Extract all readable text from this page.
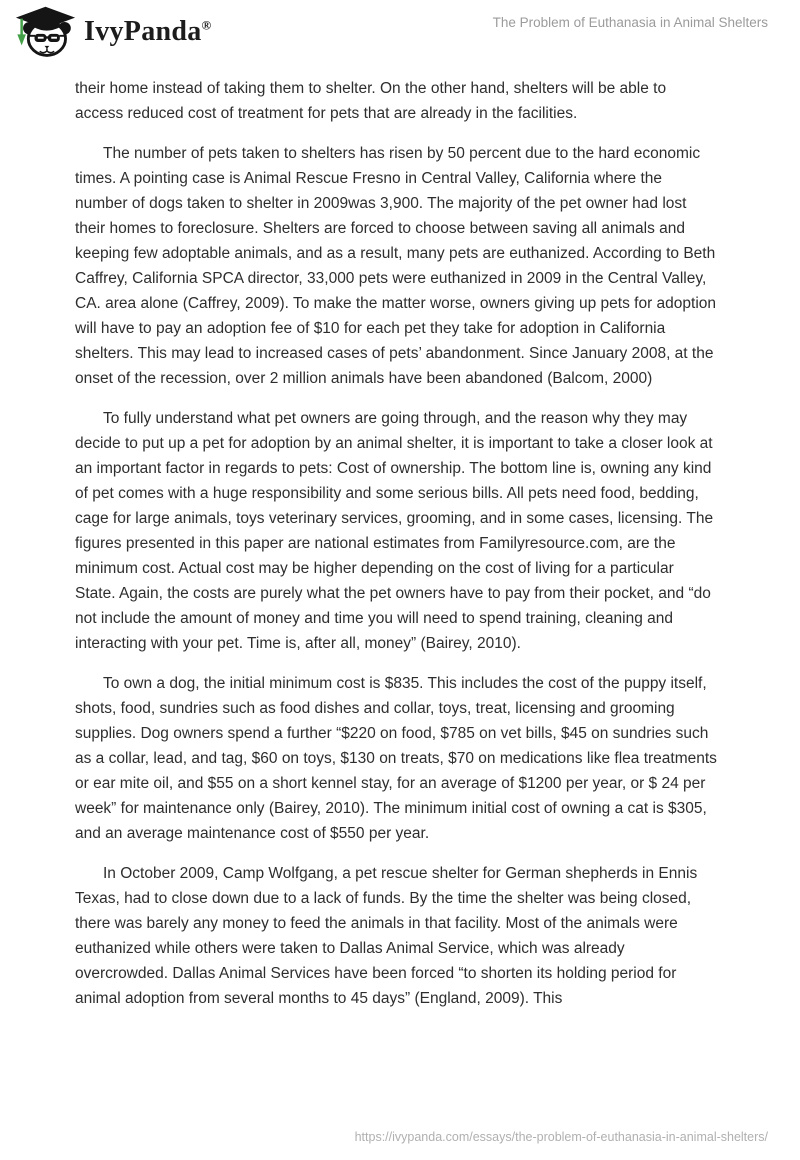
IvyPanda®	The Problem of Euthanasia in Animal Shelters

their home instead of taking them to shelter. On the other hand, shelters will be able to access reduced cost of treatment for pets that are already in the facilities.

The number of pets taken to shelters has risen by 50 percent due to the hard economic times. A pointing case is Animal Rescue Fresno in Central Valley, California where the number of dogs taken to shelter in 2009was 3,900. The majority of the pet owner had lost their homes to foreclosure. Shelters are forced to choose between saving all animals and keeping few adoptable animals, and as a result, many pets are euthanized. According to Beth Caffrey, California SPCA director, 33,000 pets were euthanized in 2009 in the Central Valley, CA. area alone (Caffrey, 2009). To make the matter worse, owners giving up pets for adoption will have to pay an adoption fee of $10 for each pet they take for adoption in California shelters. This may lead to increased cases of pets’ abandonment. Since January 2008, at the onset of the recession, over 2 million animals have been abandoned (Balcom, 2000)

To fully understand what pet owners are going through, and the reason why they may decide to put up a pet for adoption by an animal shelter, it is important to take a closer look at an important factor in regards to pets: Cost of ownership. The bottom line is, owning any kind of pet comes with a huge responsibility and some serious bills. All pets need food, bedding, cage for large animals, toys veterinary services, grooming, and in some cases, licensing. The figures presented in this paper are national estimates from Familyresource.com, are the minimum cost. Actual cost may be higher depending on the cost of living for a particular State. Again, the costs are purely what the pet owners have to pay from their pocket, and “do not include the amount of money and time you will need to spend training, cleaning and interacting with your pet. Time is, after all, money” (Bairey, 2010).

To own a dog, the initial minimum cost is $835. This includes the cost of the puppy itself, shots, food, sundries such as food dishes and collar, toys, treat, licensing and grooming supplies. Dog owners spend a further “$220 on food, $785 on vet bills, $45 on sundries such as a collar, lead, and tag, $60 on toys, $130 on treats, $70 on medications like flea treatments or ear mite oil, and $55 on a short kennel stay, for an average of $1200 per year, or $ 24 per week” for maintenance only (Bairey, 2010). The minimum initial cost of owning a cat is $305, and an average maintenance cost of $550 per year.

In October 2009, Camp Wolfgang, a pet rescue shelter for German shepherds in Ennis Texas, had to close down due to a lack of funds. By the time the shelter was being closed, there was barely any money to feed the animals in that facility. Most of the animals were euthanized while others were taken to Dallas Animal Service, which was already overcrowded. Dallas Animal Services have been forced “to shorten its holding period for animal adoption from several months to 45 days” (England, 2009). This

https://ivypanda.com/essays/the-problem-of-euthanasia-in-animal-shelters/
